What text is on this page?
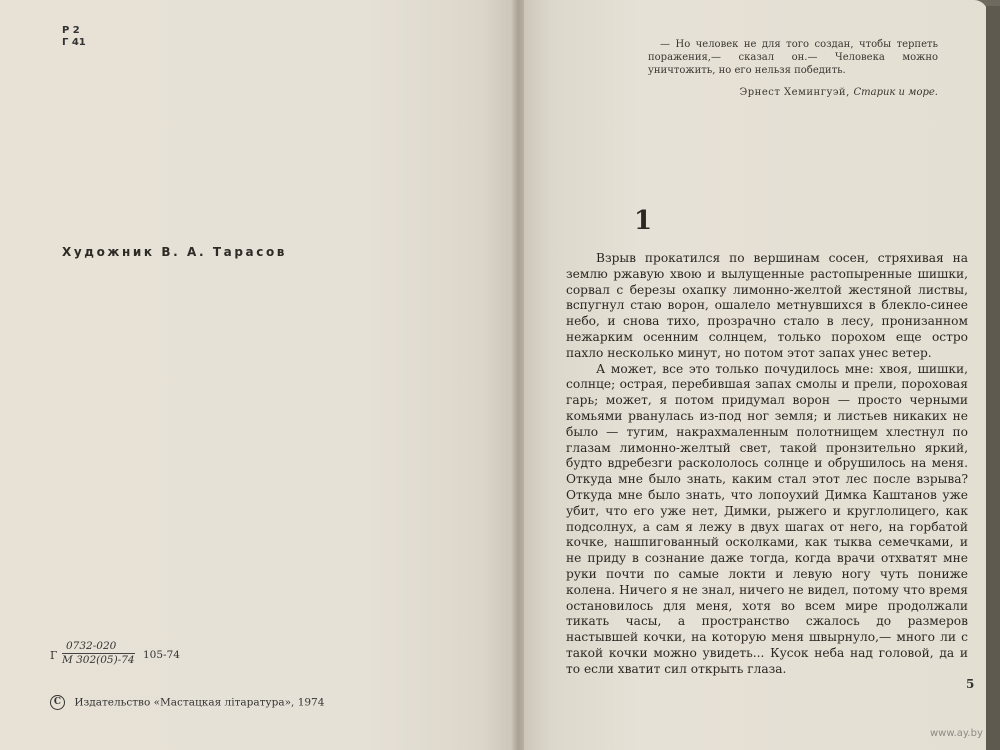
Р 2
Г 41
Художник В. А. Тарасов
Г
0732-020
М 302(05)-74 105-74
С Издательство «Мастацкая літаратура», 1974
— Но человек не для того создан, чтобы терпеть поражения,— сказал он.— Человека можно уничтожить, но его нельзя победить.
Эрнест Хемингуэй, Старик и море.
1

Взрыв прокатился по вершинам сосен, стряхивая на землю ржавую хвою и вылущенные растопыренные шишки, сорвал с березы охапку лимонно-желтой жестяной листвы, вспугнул стаю ворон, ошалело метнувшихся в блекло-синее небо, и снова тихо, прозрачно стало в лесу, пронизанном нежарким осенним солнцем, только порохом еще остро пахло несколько минут, но потом этот запах унес ветер.

А может, все это только почудилось мне: хвоя, шишки, солнце; острая, перебившая запах смолы и прели, пороховая гарь; может, я потом придумал ворон — просто черными комьями рванулась из-под ног земля; и листьев никаких не было — тугим, накрахмаленным полотнищем хлестнул по глазам лимонно-желтый свет, такой пронзительно яркий, будто вдребезги раскололось солнце и обрушилось на меня. Откуда мне было знать, каким стал этот лес после взрыва? Откуда мне было знать, что лопоухий Димка Каштанов уже убит, что его уже нет, Димки, рыжего и круглолицего, как подсолнух, а сам я лежу в двух шагах от него, на горбатой кочке, нашпигованный осколками, как тыква семечками, и не приду в сознание даже тогда, когда врачи отхватят мне руки почти по самые локти и левую ногу чуть пониже колена. Ничего я не знал, ничего не видел, потому что время остановилось для меня, хотя во всем мире продолжали тикать часы, а пространство сжалось до размеров настывшей кочки, на которую меня швырнуло,— много ли с такой кочки можно увидеть... Кусок неба над головой, да и то если хватит сил открыть глаза.

5
www.ay.by
